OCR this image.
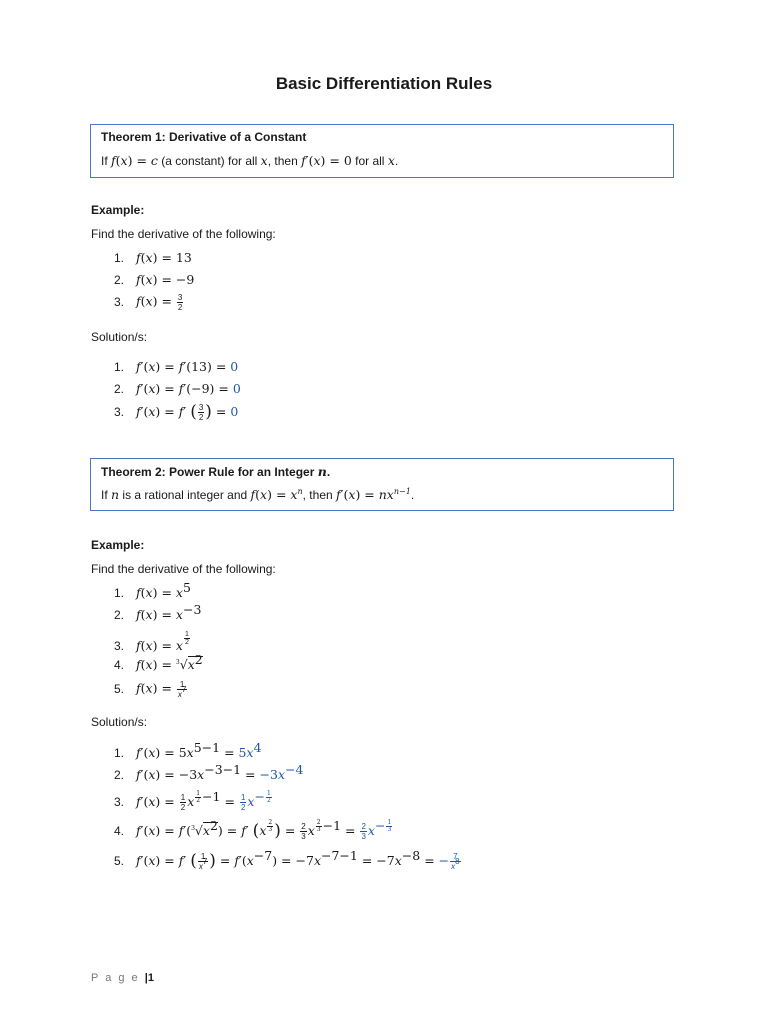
Basic Differentiation Rules
Theorem 1: Derivative of a Constant
If f(x) = c (a constant) for all x, then f′(x) = 0 for all x.
Example:
Find the derivative of the following:
1. f(x) = 13
2. f(x) = −9
3. $f(x) = \frac{3}{2}$
Solution/s:
1. f′(x) = f′(13) = 0
2. f′(x) = f′(−9) = 0
3. f′(x) = f′ ( $\frac{3}{2}$ ) = 0
Theorem 2: Power Rule for an Integer n.
If n is a rational integer and $f(x) = x^n$, then $f'(x) = nx^{n-1}$.
Example:
Find the derivative of the following:
1. $f(x) = x^5$
2. $f(x) = x^{-3}$
3. f(x) = x $\frac{1}{2}$
4. $f(x) = ^3√x^2$
5. $f(x) = \frac{1}{x^7}$
Solution/s:
1. $f'(x) = 5x^{5-1} = 5x^4$
2. $f'(x) = -3x^{-3-1} = -3x^{-4}$
3. $f'(x) = \frac{1}{2}$ x $^{\frac{1}{2} -1} = \frac{1}{2} x^{- \frac{1}{2}}$
4. $f'(x) = f'(^3√x^2) = f'$ (x $^{\frac{2}{3}}$ ) = $\frac{2}{3}$ x $^{\frac{2}{3} -1} = \frac{2}{3} x^{- \frac{1}{3}}$
5. f′(x) = f′ ( $\frac{1}{x^7}$ ) = $f'(x^{-7}) = -7x^{-7-1} = -7x^{-8}$ = − $\frac{7}{x^8}$
P a g e |1
